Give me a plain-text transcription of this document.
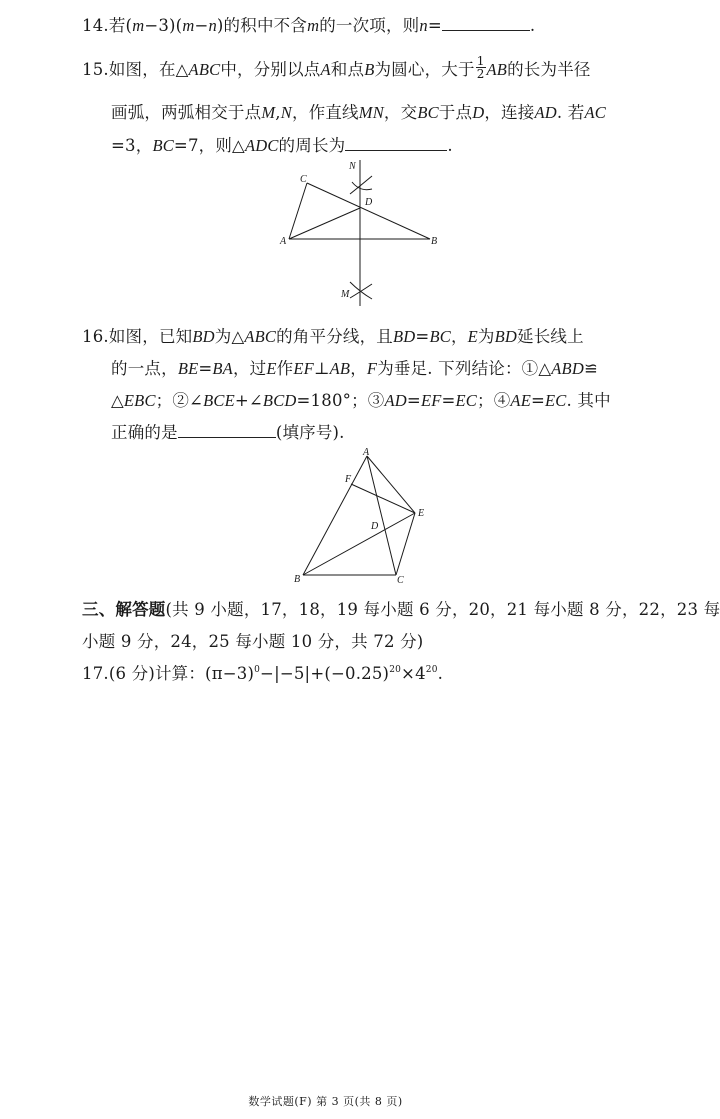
14.若(m−3)(m−n)的积中不含m的一次项，则n=	.
15.如图，在△ABC中，分别以点A和点B为圆心，大于 $\frac{1}{2}$ AB的长为半径
画弧，两弧相交于点M,N，作直线MN，交BC于点D，连接AD. 若AC
=3，BC=7，则△ADC的周长为	.
C
N
D
A	B
M
16.如图，已知BD为△ABC的角平分线，且BD=BC，E为BD延长线上
的一点，BE=BA，过E作EF⊥AB，F为垂足. 下列结论：①△ABD≌
△EBC；②∠BCE+∠BCD=180°；③AD=EF=EC；④AE=EC. 其中
正确的是	(填序号).
A
F
E
D
B	C
三、解答题(共 9 小题，17，18，19 每小题 6 分，20，21 每小题 8 分，22，23 每
小题 9 分，24，25 每小题 10 分，共 72 分)
17.(6 分)计算：$(\pi-3)^0-|-5|+(-0.25)^{20}\times 4^{20}$.
数学试题(F) 第 3 页(共 8 页)
